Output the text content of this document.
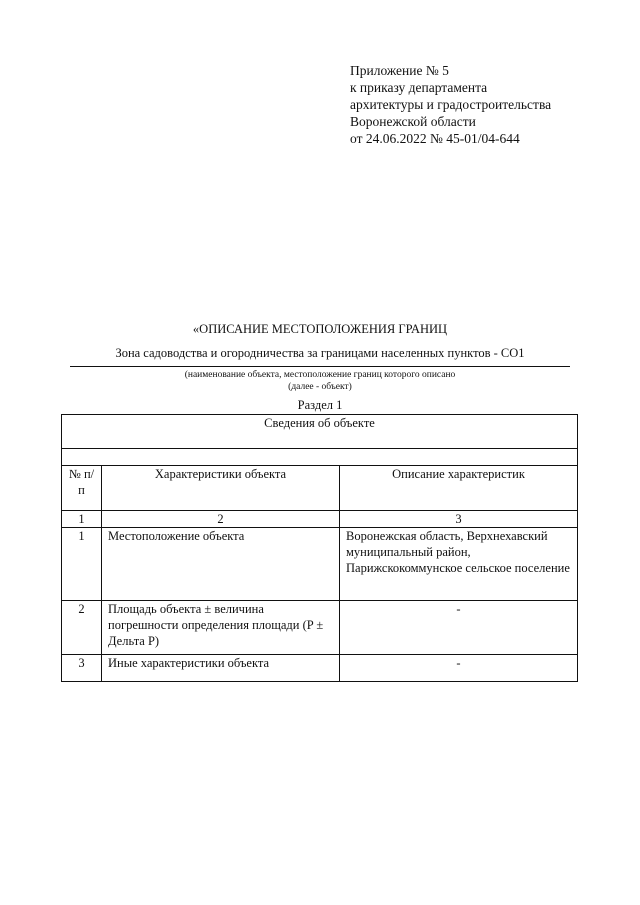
Приложение № 5
к приказу департамента
архитектуры и градостроительства
Воронежской области
от 24.06.2022 № 45-01/04-644
«ОПИСАНИЕ МЕСТОПОЛОЖЕНИЯ ГРАНИЦ
Зона садоводства и огородничества за границами населенных пунктов - СО1
(наименование объекта, местоположение границ которого описано
(далее - объект)
Раздел 1
Сведения об объекте		

№ п/п	Характеристики объекта	Описание характеристик
1	2	3
1	Местоположение объекта	Воронежская область, Верхнехавский муниципальный район, Парижскокоммунское сельское поселение
2	Площадь объекта ± величина погрешности определения площади (P ± Дельта P)	-
3	Иные характеристики объекта	-
